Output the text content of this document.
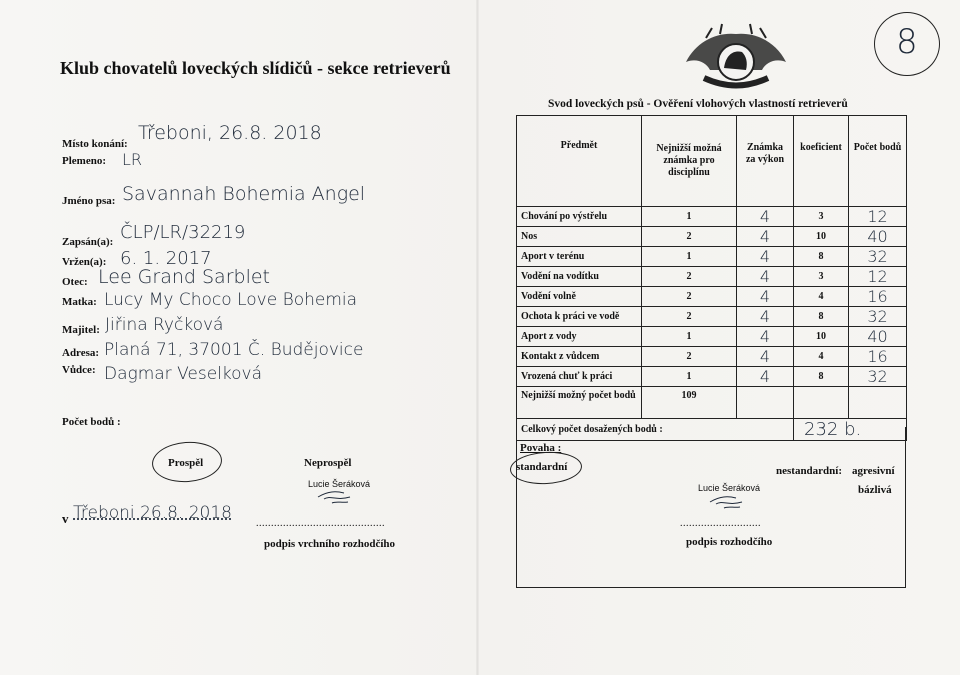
Klub chovatelů loveckých slídičů - sekce retrieverů
Místo konání: Třeboni, 26.8. 2018
Plemeno: LR
Jméno psa: Savannah Bohemia Angel
Zapsán(a): ČLP/LR/32219
Vržen(a): 6. 1. 2017
Otec: Lee Grand Sarblet
Matka: Lucy My Choco Love Bohemia
Majitel: Jiřina Ryčková
Adresa: Planá 71, 37001 Č. Budějovice
Vůdce: Dagmar Veselková
Počet bodů :
Prospěl	Neprospěl
Lucie Šeráková
v Třeboni 26.8. 2018
...........................................
podpis vrchního rozhodčího
8
Svod loveckých psů - Ověření vlohových vlastností retrieverů
Předmět	Nejnižší možná známka pro disciplínu	Známka za výkon	koeficient	Počet bodů
Chování po výstřelu	1	4	3	12
Nos	2	4	10	40
Aport v terénu	1	4	8	32
Vodění na vodítku	2	4	3	12
Vodění volně	2	4	4	16
Ochota k práci ve vodě	2	4	8	32
Aport z vody	1	4	10	40
Kontakt z vůdcem	2	4	4	16
Vrozená chuť k práci	1	4	8	32
Nejnižší možný počet bodů	109			
Celkový počet dosažených bodů :			232 b.	
Povaha :
standardní	nestandardní: agresivní
bázlivá
Lucie Šeráková
...........................
podpis rozhodčího
